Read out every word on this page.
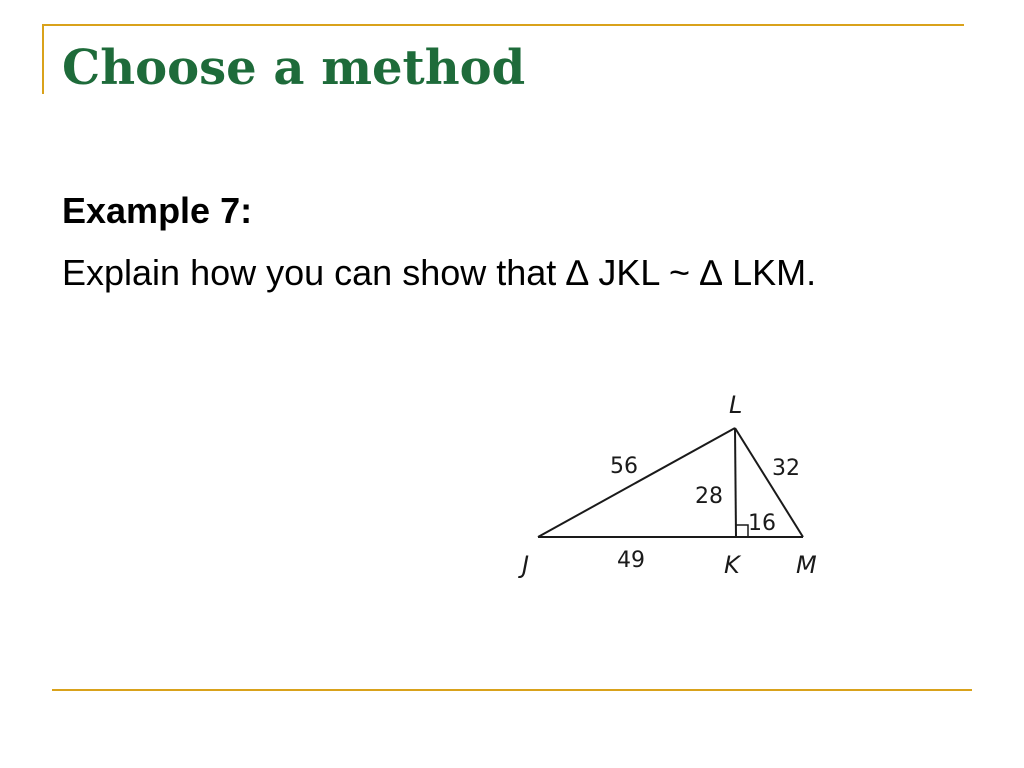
Choose a method

Example 7:

Explain how you can show that ∆ JKL ~ ∆ LKM.

L
J	K M
56
28
32
16
49
